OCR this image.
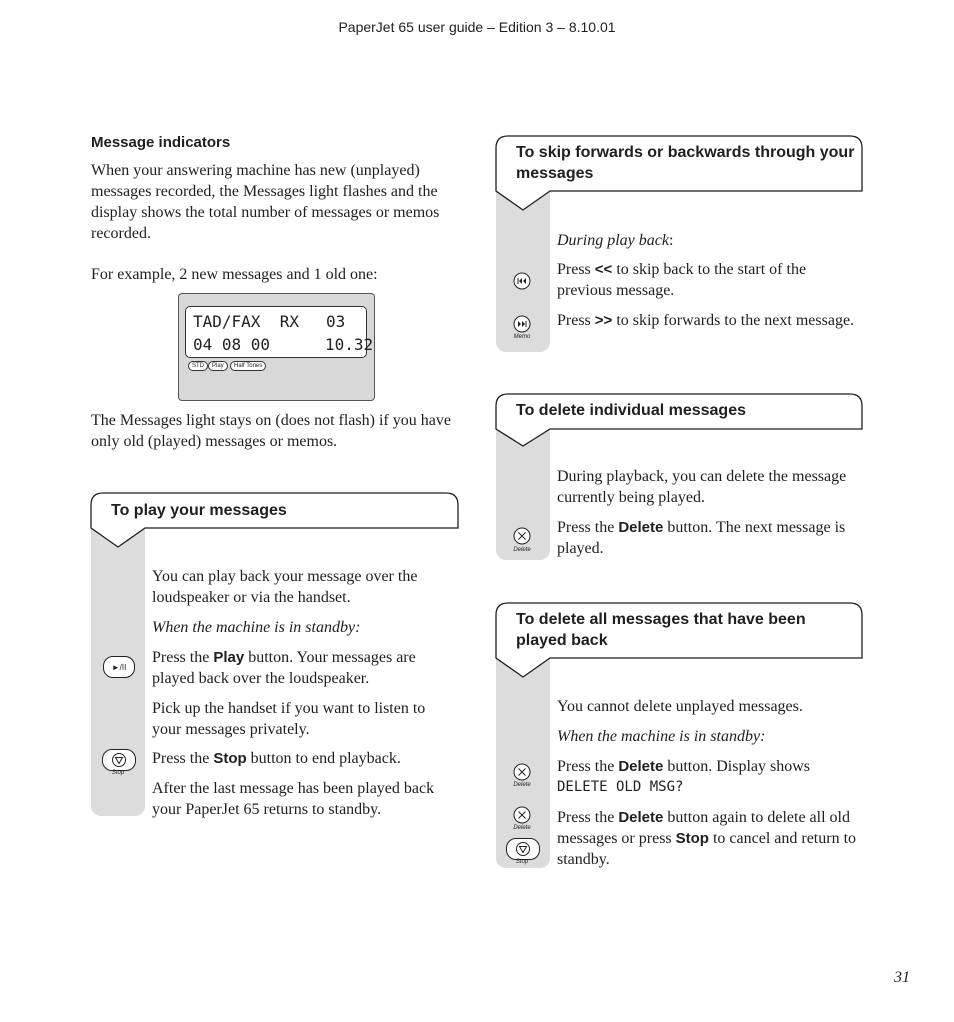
PaperJet 65 user guide – Edition 3 – 8.10.01
Message indicators
When your answering machine has new (unplayed) messages recorded, the Messages light flashes and the display shows the total number of messages or memos recorded.
For example, 2 new messages and 1 old one:
TAD/FAX  RX 03
04 08 00	10.32
STD	Play	Half Tones
The Messages light stays on (does not flash) if you have only old (played) messages or memos.
To play your messages
You can play back your message over the loudspeaker or via the handset.
When the machine is in standby:
Press the Play button. Your messages are played back over the loudspeaker.
Pick up the handset if you want to listen to your messages privately.
Press the Stop button to end playback.
After the last message has been played back your PaperJet 65 returns to standby.
►/II
Stop
To skip forwards or backwards through your messages
During play back:
Press << to skip back to the start of the previous message.
Press >> to skip forwards to the next message.
Memo
To delete individual messages
During playback, you can delete the message currently being played.
Press the Delete button. The next message is played.
Delete
To delete all messages that have been played back
You cannot delete unplayed messages.
When the machine is in standby:
Press the Delete button. Display shows
DELETE OLD MSG?
Press the Delete button again to delete all old messages or press Stop to cancel and return to standby.
Delete
Delete
Stop
31
